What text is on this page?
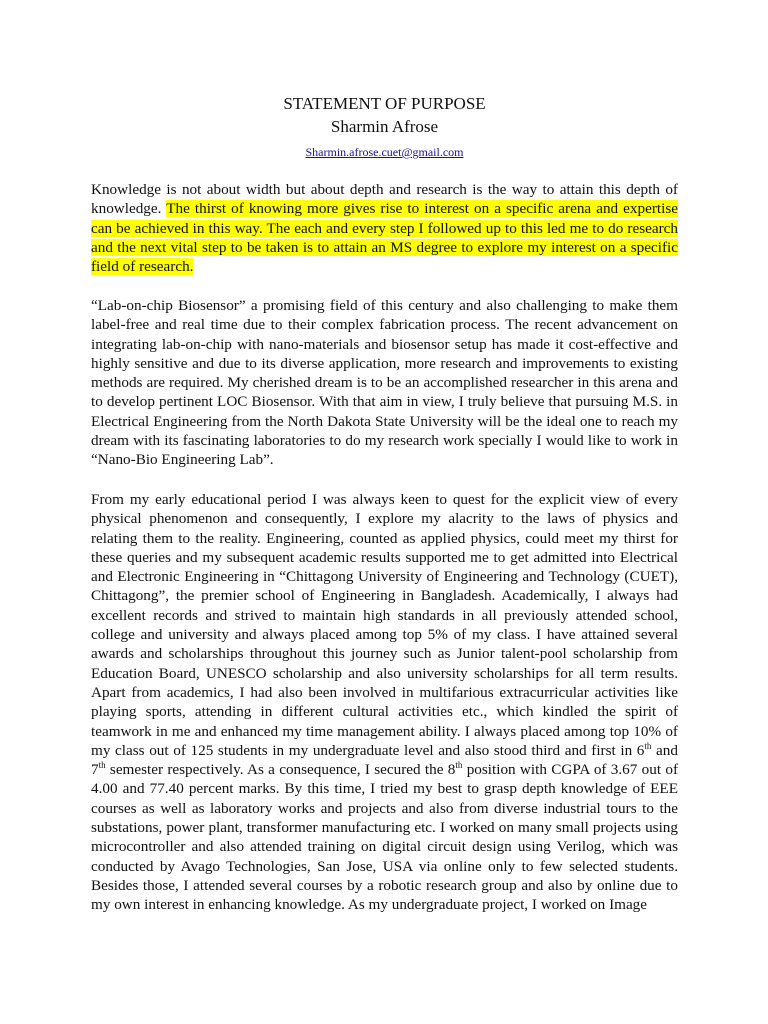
STATEMENT OF PURPOSE
Sharmin Afrose
Sharmin.afrose.cuet@gmail.com

Knowledge is not about width but about depth and research is the way to attain this depth of knowledge. The thirst of knowing more gives rise to interest on a specific arena and expertise can be achieved in this way. The each and every step I followed up to this led me to do research and the next vital step to be taken is to attain an MS degree to explore my interest on a specific field of research.

“Lab-on-chip Biosensor” a promising field of this century and also challenging to make them label-free and real time due to their complex fabrication process. The recent advancement on integrating lab-on-chip with nano-materials and biosensor setup has made it cost-effective and highly sensitive and due to its diverse application, more research and improvements to existing methods are required. My cherished dream is to be an accomplished researcher in this arena and to develop pertinent LOC Biosensor. With that aim in view, I truly believe that pursuing M.S. in Electrical Engineering from the North Dakota State University will be the ideal one to reach my dream with its fascinating laboratories to do my research work specially I would like to work in “Nano-Bio Engineering Lab”.

From my early educational period I was always keen to quest for the explicit view of every physical phenomenon and consequently, I explore my alacrity to the laws of physics and relating them to the reality. Engineering, counted as applied physics, could meet my thirst for these queries and my subsequent academic results supported me to get admitted into Electrical and Electronic Engineering in “Chittagong University of Engineering and Technology (CUET), Chittagong”, the premier school of Engineering in Bangladesh. Academically, I always had excellent records and strived to maintain high standards in all previously attended school, college and university and always placed among top 5% of my class. I have attained several awards and scholarships throughout this journey such as Junior talent-pool scholarship from Education Board, UNESCO scholarship and also university scholarships for all term results. Apart from academics, I had also been involved in multifarious extracurricular activities like playing sports, attending in different cultural activities etc., which kindled the spirit of teamwork in me and enhanced my time management ability. I always placed among top 10% of my class out of 125 students in my undergraduate level and also stood third and first in 6th and 7th semester respectively. As a consequence, I secured the 8th position with CGPA of 3.67 out of 4.00 and 77.40 percent marks. By this time, I tried my best to grasp depth knowledge of EEE courses as well as laboratory works and projects and also from diverse industrial tours to the substations, power plant, transformer manufacturing etc. I worked on many small projects using microcontroller and also attended training on digital circuit design using Verilog, which was conducted by Avago Technologies, San Jose, USA via online only to few selected students. Besides those, I attended several courses by a robotic research group and also by online due to my own interest in enhancing knowledge. As my undergraduate project, I worked on Image
